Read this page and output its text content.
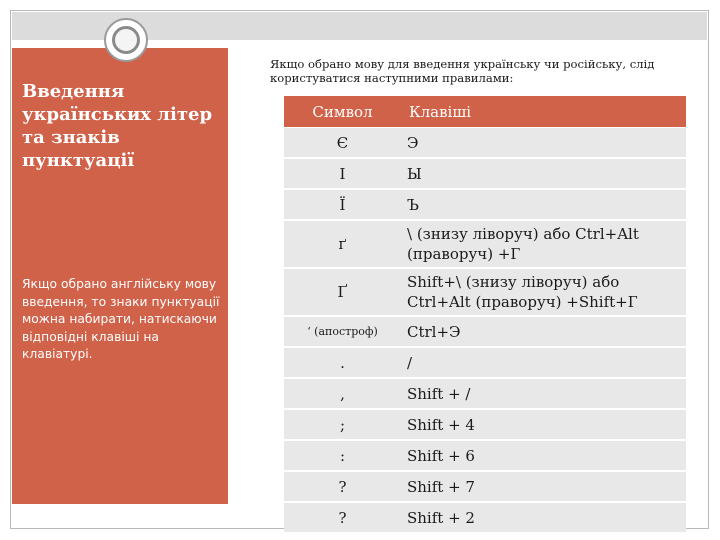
Введення українських літер та знаків пунктуації

Якщо обрано англійську мову введення, то знаки пунктуації можна набирати, натискаючи відповідні клавіші на клавіатурі.

Якщо обрано мову для введення українську чи російську, слід користуватися наступними правилами:

Символ	Клавіші
Є	Э
І	Ы
Ї	Ъ
ґ	\ (знизу ліворуч) або Ctrl+Alt (праворуч) +Г
Ґ	Shift+\ (знизу ліворуч) або Ctrl+Alt (праворуч) +Shift+Г
‘ (апостроф)	Ctrl+Э
.	/
,	Shift + /
;	Shift + 4
:	Shift + 6
?	Shift + 7
?	Shift + 2
